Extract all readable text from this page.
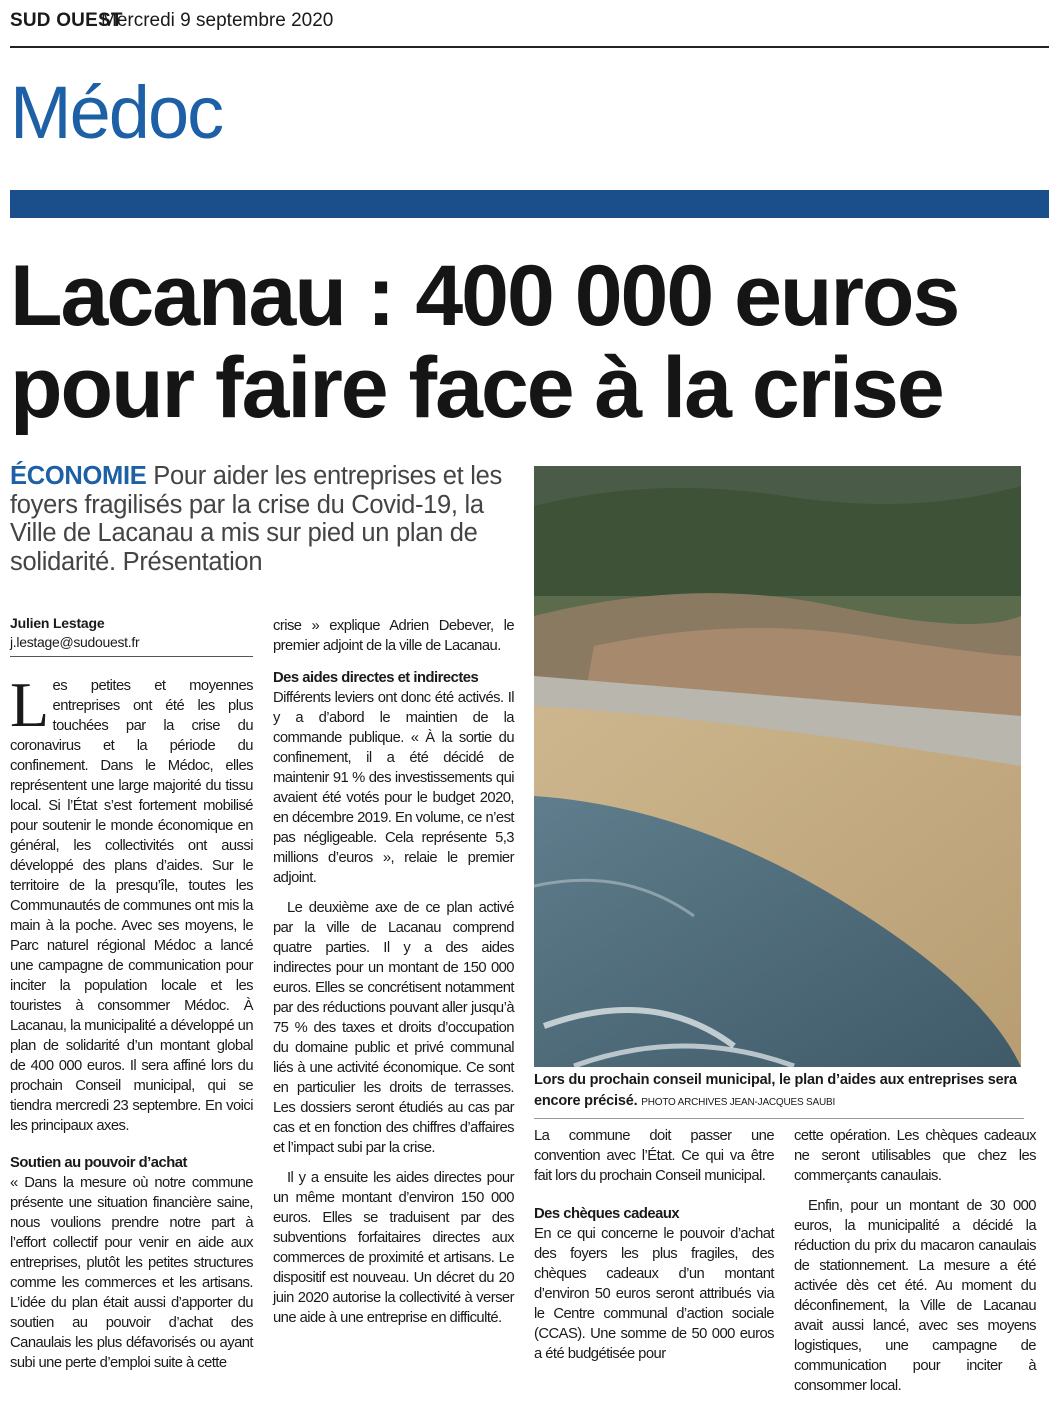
SUD OUEST
Mercredi 9 septembre 2020
Médoc
Lacanau : 400 000 euros
pour faire face à la crise
ÉCONOMIE Pour aider les entreprises et les foyers fragilisés par la crise du Covid-19, la Ville de Lacanau a mis sur pied un plan de solidarité. Présentation
Julien Lestage
j.lestage@sudouest.fr

Les petites et moyennes entreprises ont été les plus touchées par la crise du coronavirus et la période du confinement. Dans le Médoc, elles représentent une large majorité du tissu local. Si l’État s’est fortement mobilisé pour soutenir le monde économique en général, les collectivités ont aussi développé des plans d’aides. Sur le territoire de la presqu’île, toutes les Communautés de communes ont mis la main à la poche. Avec ses moyens, le Parc naturel régional Médoc a lancé une campagne de communication pour inciter la population locale et les touristes à consommer Médoc. À Lacanau, la municipalité a développé un plan de solidarité d’un montant global de 400 000 euros. Il sera affiné lors du prochain Conseil municipal, qui se tiendra mercredi 23 septembre. En voici les principaux axes.

Soutien au pouvoir d’achat

« Dans la mesure où notre commune présente une situation financière saine, nous voulions prendre notre part à l’effort collectif pour venir en aide aux entreprises, plutôt les petites structures comme les commerces et les artisans. L’idée du plan était aussi d’apporter du soutien au pouvoir d’achat des Canaulais les plus défavorisés ou ayant subi une perte d’emploi suite à cette

crise » explique Adrien Debever, le premier adjoint de la ville de Lacanau.

Des aides directes et indirectes

Différents leviers ont donc été activés. Il y a d’abord le maintien de la commande publique. « À la sortie du confinement, il a été décidé de maintenir 91 % des investissements qui avaient été votés pour le budget 2020, en décembre 2019. En volume, ce n’est pas négligeable. Cela représente 5,3 millions d’euros », relaie le premier adjoint.

Le deuxième axe de ce plan activé par la ville de Lacanau comprend quatre parties. Il y a des aides indirectes pour un montant de 150 000 euros. Elles se concrétisent notamment par des réductions pouvant aller jusqu’à 75 % des taxes et droits d’occupation du domaine public et privé communal liés à une activité économique. Ce sont en particulier les droits de terrasses. Les dossiers seront étudiés au cas par cas et en fonction des chiffres d’affaires et l’impact subi par la crise.

Il y a ensuite les aides directes pour un même montant d’environ 150 000 euros. Elles se traduisent par des subventions forfaitaires directes aux commerces de proximité et artisans. Le dispositif est nouveau. Un décret du 20 juin 2020 autorise la collectivité à verser une aide à une entreprise en difficulté.

Lors du prochain conseil municipal, le plan d’aides aux entreprises sera encore précisé. PHOTO ARCHIVES JEAN-JACQUES SAUBI

La commune doit passer une convention avec l’État. Ce qui va être fait lors du prochain Conseil municipal.

Des chèques cadeaux

En ce qui concerne le pouvoir d’achat des foyers les plus fragiles, des chèques cadeaux d’un montant d’environ 50 euros seront attribués via le Centre communal d’action sociale (CCAS). Une somme de 50 000 euros a été budgétisée pour

cette opération. Les chèques cadeaux ne seront utilisables que chez les commerçants canaulais.

Enfin, pour un montant de 30 000 euros, la municipalité a décidé la réduction du prix du macaron canaulais de stationnement. La mesure a été activée dès cet été. Au moment du déconfinement, la Ville de Lacanau avait aussi lancé, avec ses moyens logistiques, une campagne de communication pour inciter à consommer local.
